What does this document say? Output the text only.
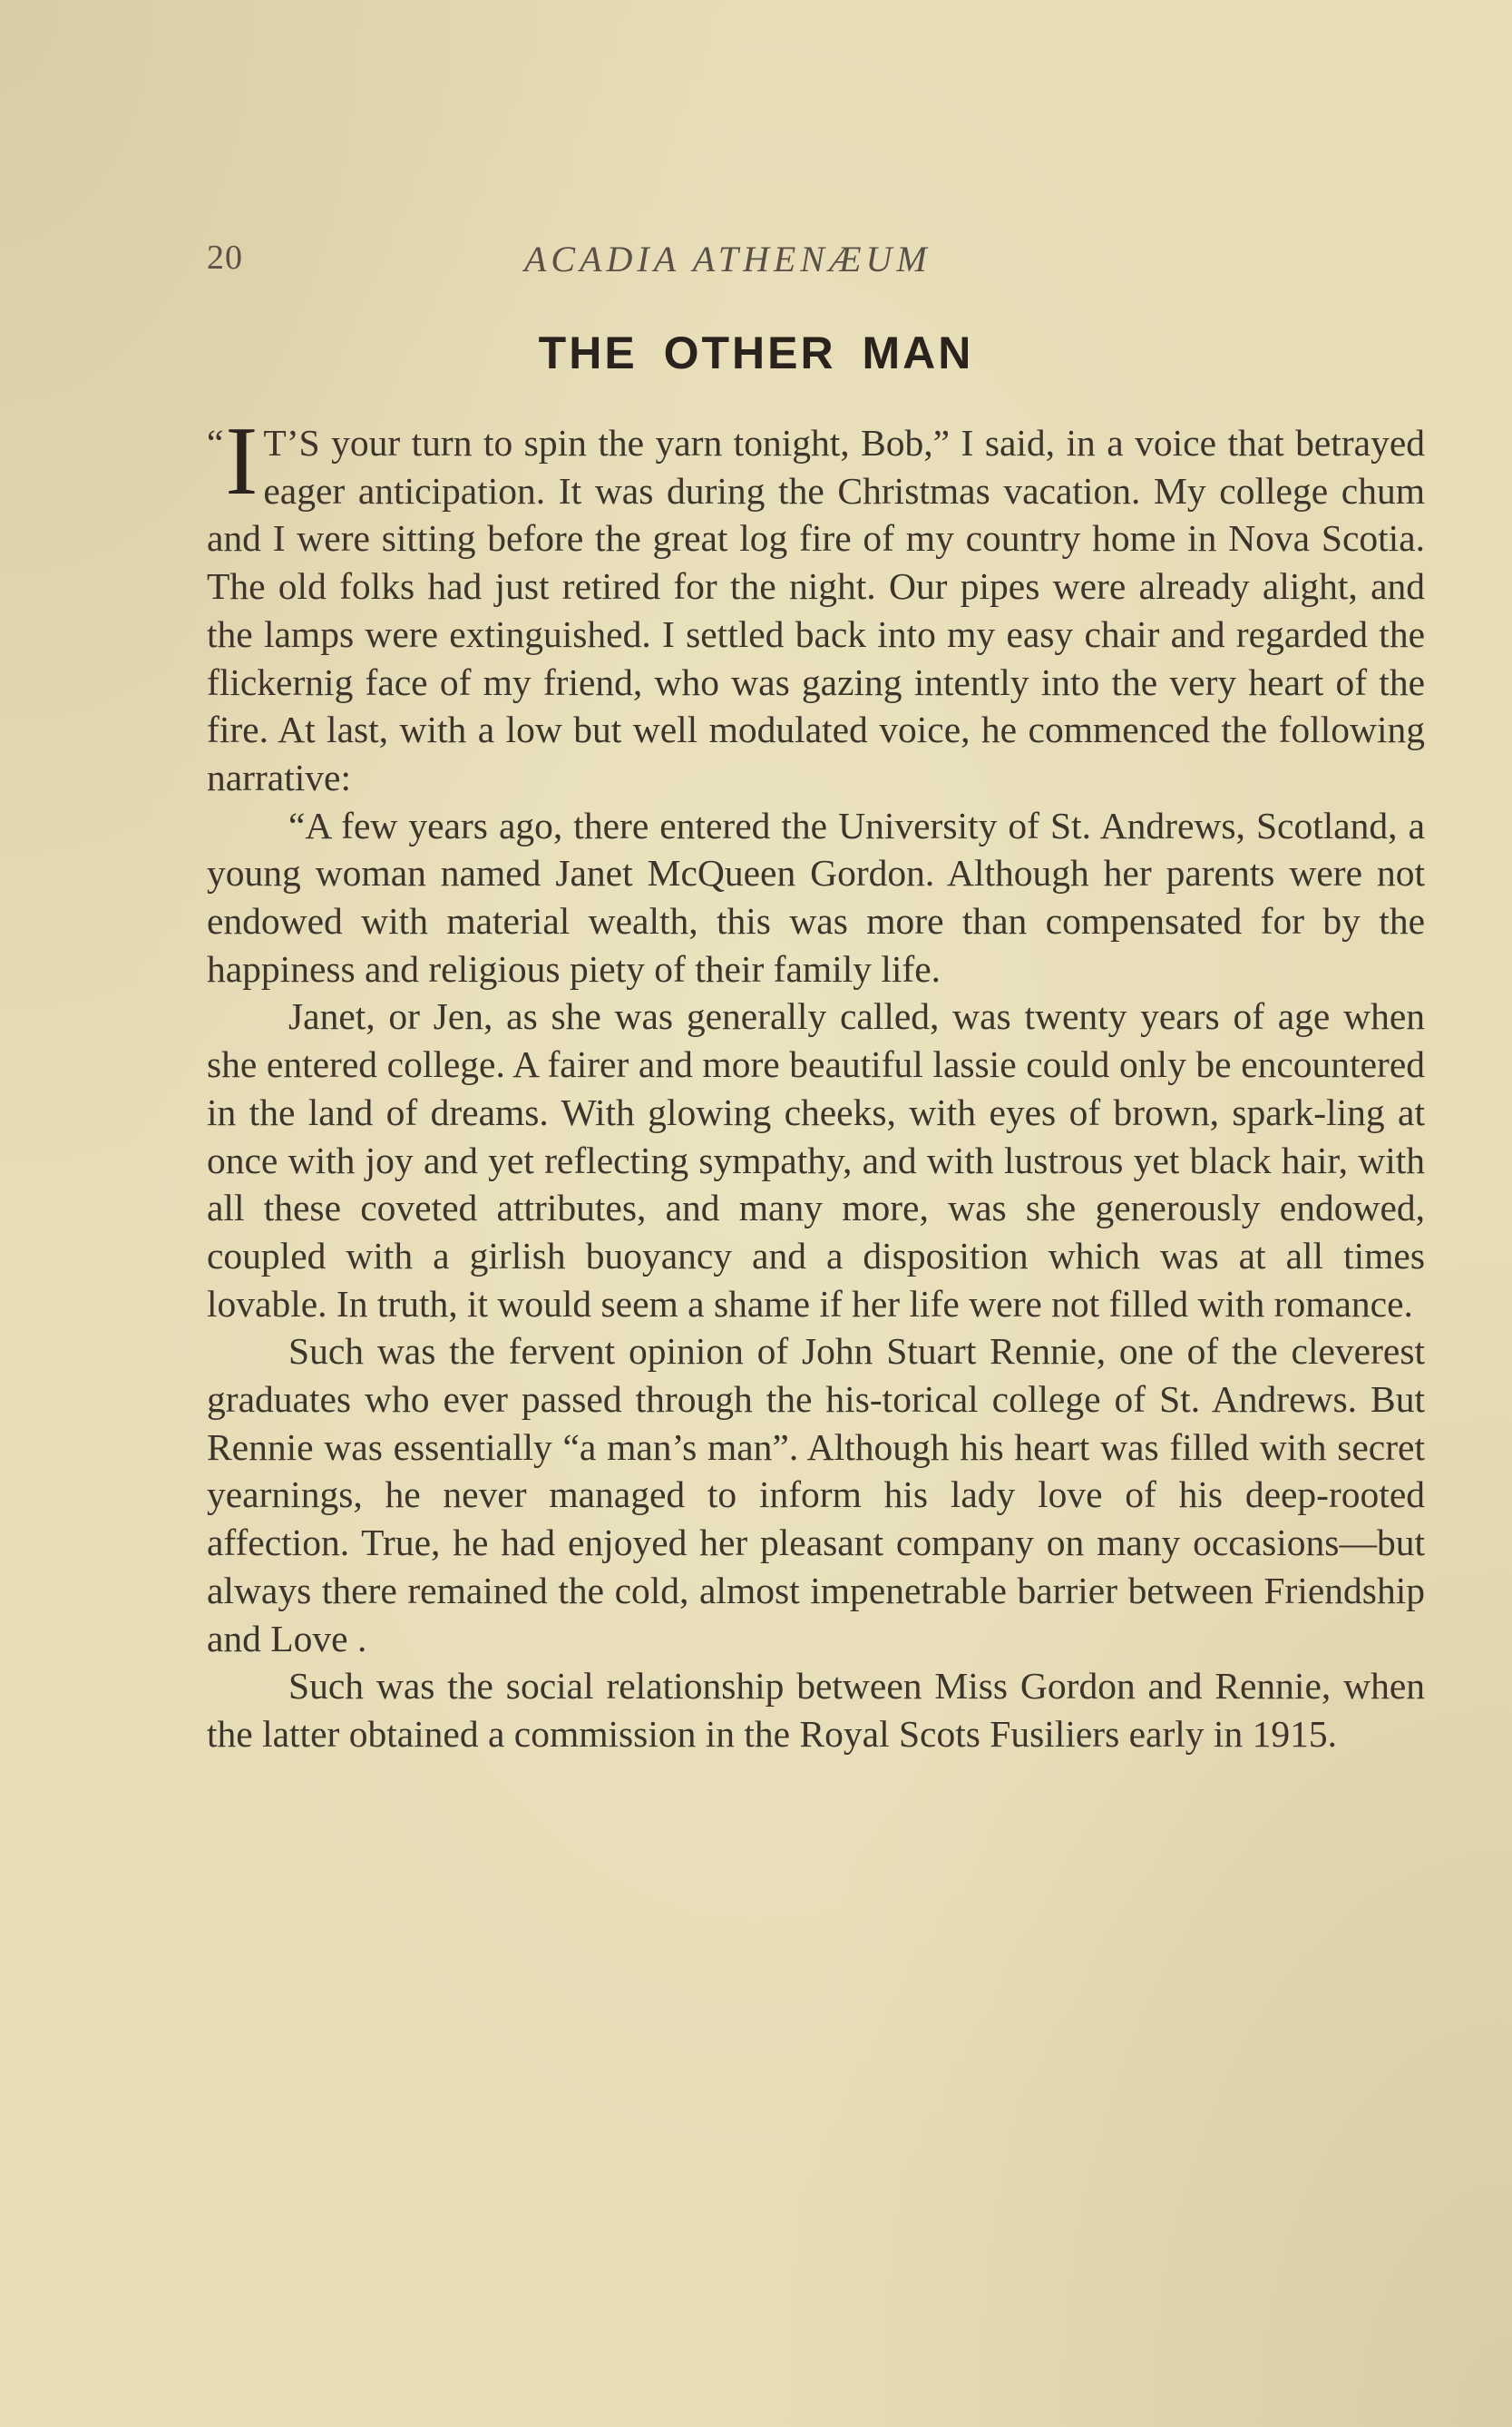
20	ACADIA ATHENÆUM
THE OTHER MAN

“ I T’S your turn to spin the yarn tonight, Bob,” I said, in a voice that betrayed eager anticipation. It was during the Christmas vacation. My college chum and I were sitting before the great log fire of my country home in Nova Scotia. The old folks had just retired for the night. Our pipes were already alight, and the lamps were extinguished. I settled back into my easy chair and regarded the flickernig face of my friend, who was gazing intently into the very heart of the fire. At last, with a low but well modulated voice, he commenced the following narrative:

“A few years ago, there entered the University of St. Andrews, Scotland, a young woman named Janet McQueen Gordon. Although her parents were not endowed with material wealth, this was more than compensated for by the happiness and religious piety of their family life.

Janet, or Jen, as she was generally called, was twenty years of age when she entered college. A fairer and more beautiful lassie could only be encountered in the land of dreams. With glowing cheeks, with eyes of brown, spark-ling at once with joy and yet reflecting sympathy, and with lustrous yet black hair, with all these coveted attributes, and many more, was she generously endowed, coupled with a girlish buoyancy and a disposition which was at all times lovable. In truth, it would seem a shame if her life were not filled with romance.

Such was the fervent opinion of John Stuart Rennie, one of the cleverest graduates who ever passed through the his-torical college of St. Andrews. But Rennie was essentially “a man’s man”. Although his heart was filled with secret yearnings, he never managed to inform his lady love of his deep-rooted affection. True, he had enjoyed her pleasant company on many occasions—but always there remained the cold, almost impenetrable barrier between Friendship and Love .

Such was the social relationship between Miss Gordon and Rennie, when the latter obtained a commission in the Royal Scots Fusiliers early in 1915.
